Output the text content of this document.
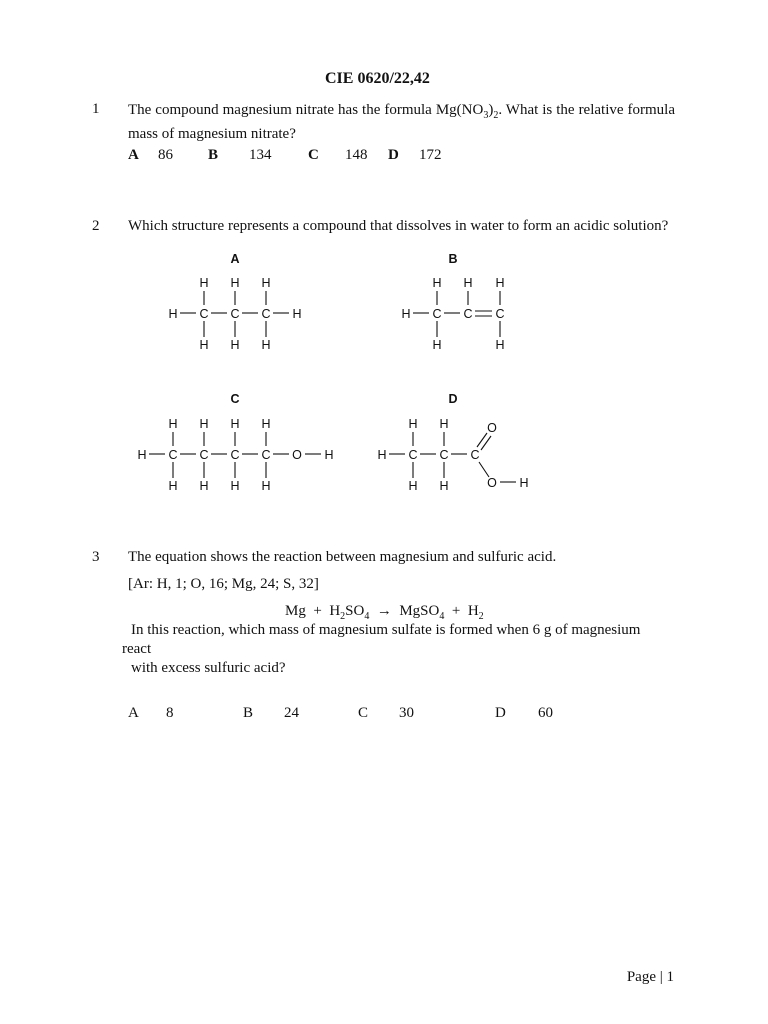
CIE 0620/22,42
1 The compound magnesium nitrate has the formula $Mg(NO_3)_2$. What is the relative formula mass of magnesium nitrate?
A 86 B 134 C 148 D 172
2 Which structure represents a compound that dissolves in water to form an acidic solution?
A	B
C	D
H C C C H
H H H
H H H
H C C C
H H H
H	H
H C C C C O H
H H H H
H H H H
H C C C
H H
H H
O
O H
3 The equation shows the reaction between magnesium and sulfuric acid.
[Ar: H, 1; O, 16; Mg, 24; S, 32]
$Mg + H_2SO_4$ → MgSO$_4$ + $H_2$
In this reaction, which mass of magnesium sulfate is formed when 6 g of magnesium
react
with excess sulfuric acid?
A 8	B 24	C 30	D 60
Page | 1
